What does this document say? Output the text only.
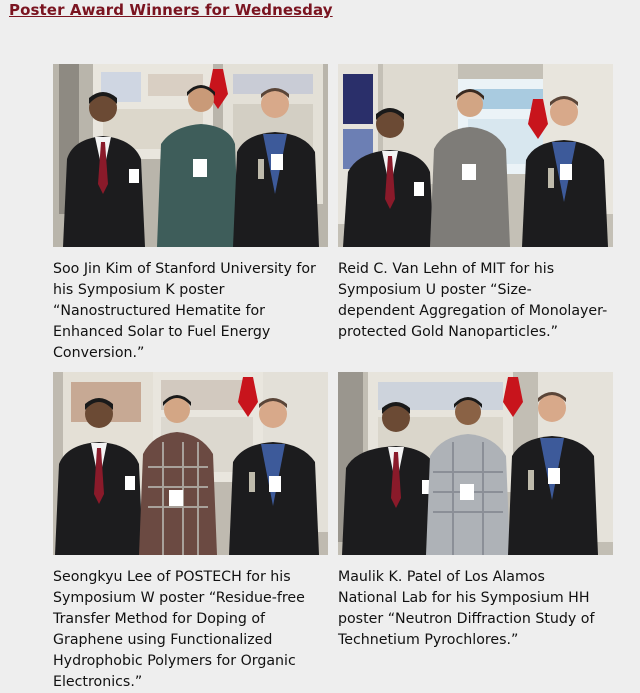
Poster Award Winners for Wednesday
Soo Jin Kim of Stanford University for his Symposium K poster “Nanostructured Hematite for Enhanced Solar to Fuel Energy Conversion.”
Reid C. Van Lehn of MIT for his Symposium U poster “Size-dependent Aggregation of Monolayer-protected Gold Nanoparticles.”
Seongkyu Lee of POSTECH for his Symposium W poster “Residue-free Transfer Method for Doping of Graphene using Functionalized Hydrophobic Polymers for Organic Electronics.”
Maulik K. Patel of Los Alamos National Lab for his Symposium HH poster “Neutron Diffraction Study of Technetium Pyrochlores.”
